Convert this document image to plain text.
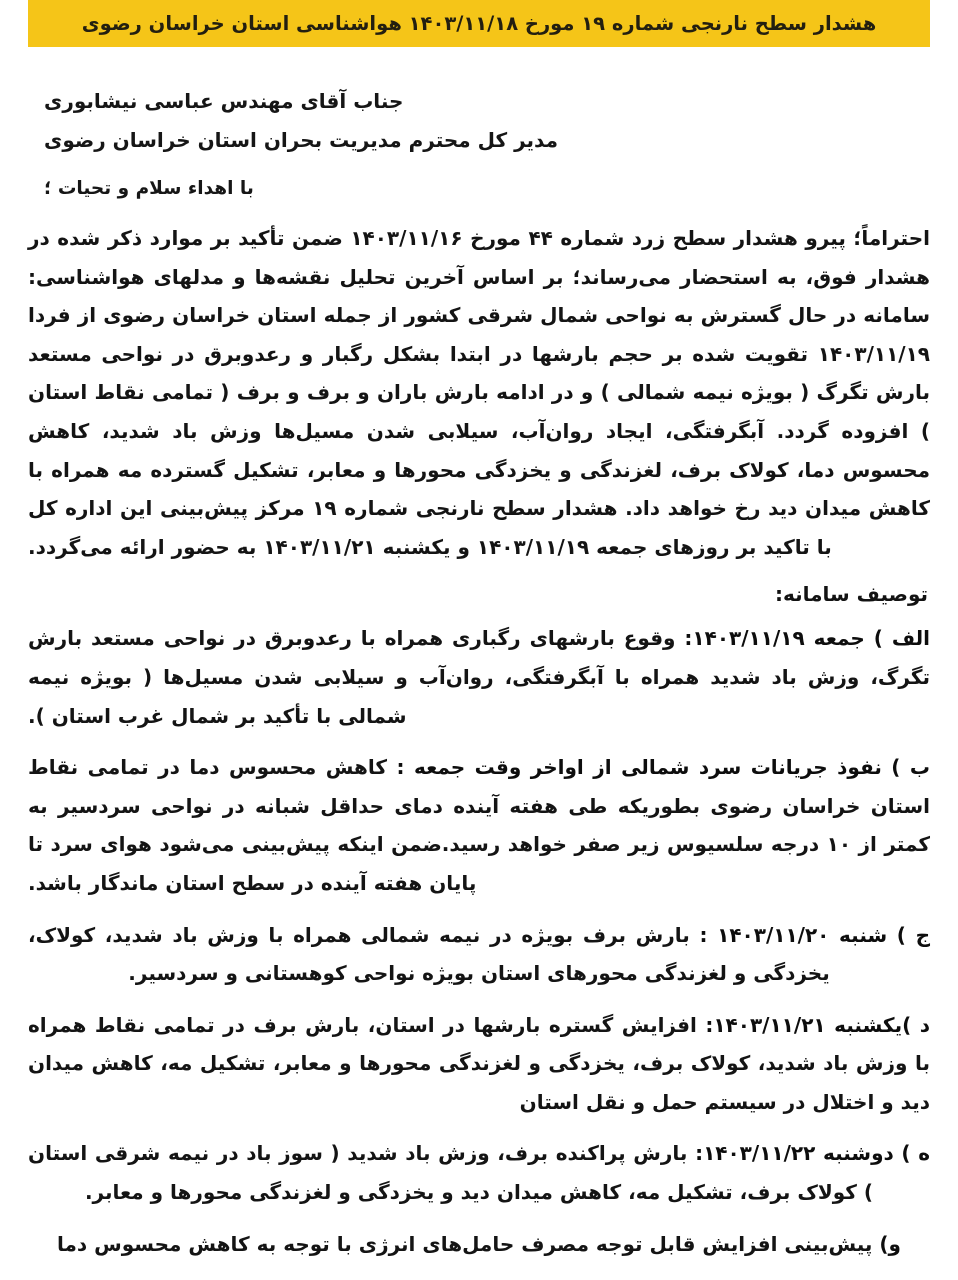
هشدار سطح نارنجی شماره ۱۹ مورخ ۱۴۰۳/۱۱/۱۸ هواشناسی استان خراسان رضوی
جناب آقای مهندس عباسی نیشابوری
مدیر کل محترم مدیریت بحران استان خراسان رضوی
با اهداء سلام و تحیات ؛

احتراماً؛ پیرو هشدار سطح زرد شماره ۴۴ مورخ ۱۴۰۳/۱۱/۱۶ ضمن تأکید بر موارد ذکر شده در هشدار فوق، به استحضار می‌رساند؛ بر اساس آخرین تحلیل نقشه‌ها و مدلهای هواشناسی: سامانه در حال گسترش به نواحی شمال شرقی کشور از جمله استان خراسان رضوی از فردا ۱۴۰۳/۱۱/۱۹ تقویت شده بر حجم بارشها در ابتدا بشکل رگبار و رعدوبرق در نواحی مستعد بارش تگرگ ( بویژه نیمه شمالی ) و در ادامه بارش باران و برف و برف ( تمامی نقاط استان ) افزوده گردد. آبگرفتگی، ایجاد روان‌آب، سیلابی شدن مسیل‌ها وزش باد شدید، کاهش محسوس دما، کولاک برف، لغزندگی و یخزدگی محورها و معابر، تشکیل گسترده مه همراه با کاهش میدان دید رخ خواهد داد. هشدار سطح نارنجی شماره ۱۹ مرکز پیش‌بینی این اداره کل با تاکید بر روزهای جمعه ۱۴۰۳/۱۱/۱۹ و یکشنبه ۱۴۰۳/۱۱/۲۱ به حضور ارائه می‌گردد.

توصیف سامانه:

الف ) جمعه ۱۴۰۳/۱۱/۱۹: وقوع بارشهای رگباری همراه با رعدوبرق در نواحی مستعد بارش تگرگ، وزش باد شدید همراه با آبگرفتگی، روان‌آب و سیلابی شدن مسیل‌ها ( بویژه نیمه شمالی با تأکید بر شمال غرب استان ).

ب ) نفوذ جریانات سرد شمالی از اواخر وقت جمعه : کاهش محسوس دما در تمامی نقاط استان خراسان رضوی بطوریکه طی هفته آینده دمای حداقل شبانه در نواحی سردسیر به کمتر از ۱۰ درجه سلسیوس زیر صفر خواهد رسید.ضمن اینکه پیش‌بینی می‌شود هوای سرد تا پایان هفته آینده در سطح استان ماندگار باشد.

ج ) شنبه ۱۴۰۳/۱۱/۲۰ : بارش برف بویژه در نیمه شمالی همراه با وزش باد شدید، کولاک، یخزدگی و لغزندگی محورهای استان بویژه نواحی کوهستانی و سردسیر.

د )یکشنبه ۱۴۰۳/۱۱/۲۱: افزایش گستره بارشها در استان، بارش برف در تمامی نقاط همراه با وزش باد شدید، کولاک برف، یخزدگی و لغزندگی محورها و معابر، تشکیل مه، کاهش میدان دید و اختلال در سیستم حمل و نقل استان

ه ) دوشنبه ۱۴۰۳/۱۱/۲۲: بارش پراکنده برف، وزش باد شدید ( سوز باد در نیمه شرقی استان ) کولاک برف، تشکیل مه، کاهش میدان دید و یخزدگی و لغزندگی محورها و معابر.

و) پیش‌بینی افزایش قابل توجه مصرف حامل‌های انرژی با توجه به کاهش محسوس دما
